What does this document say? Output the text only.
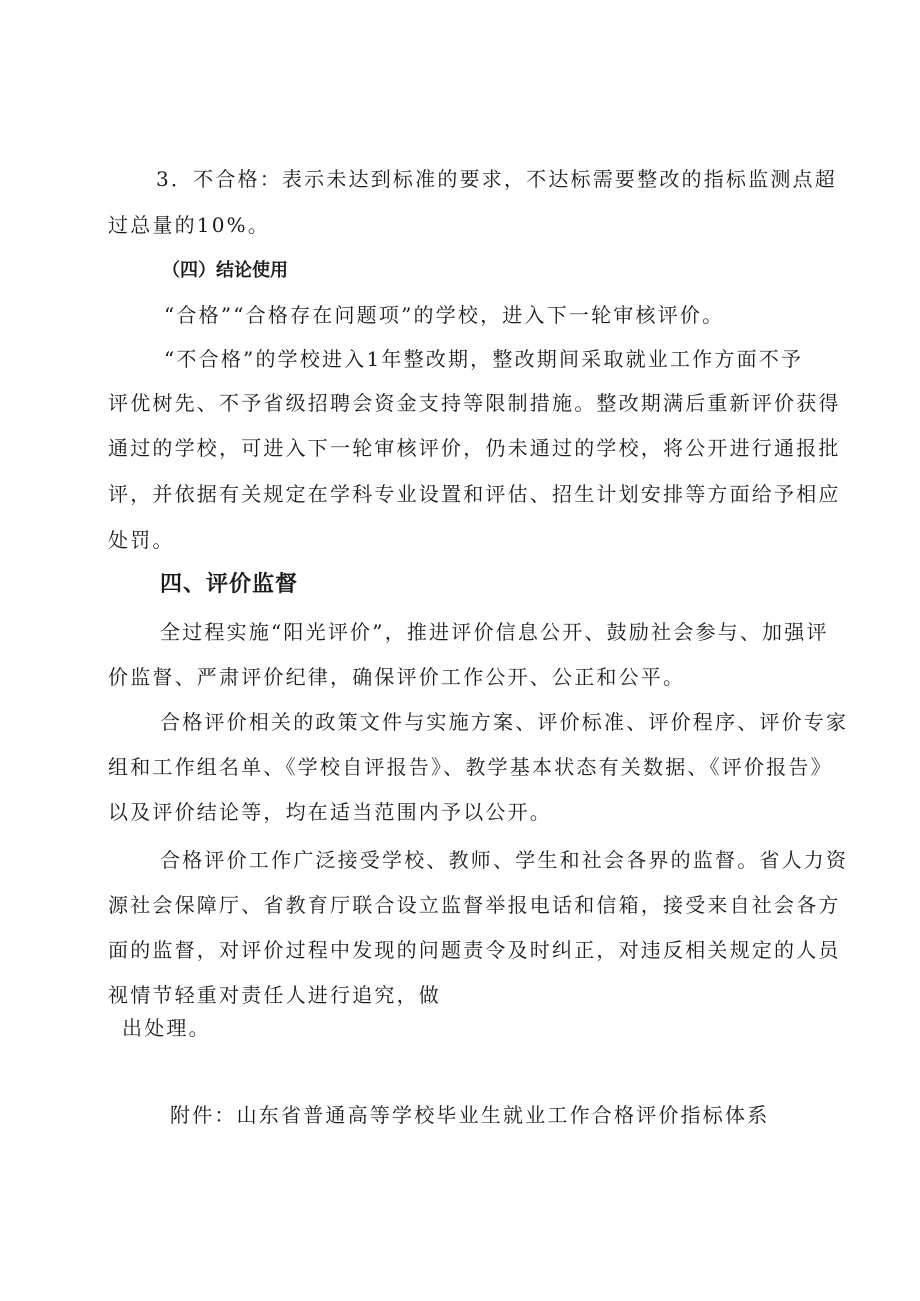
3．不合格：表示未达到标准的要求，不达标需要整改的指标监测点超
过总量的10%。
（四）结论使用
“合格”“合格存在问题项”的学校，进入下一轮审核评价。
“不合格”的学校进入1年整改期，整改期间采取就业工作方面不予
评优树先、不予省级招聘会资金支持等限制措施。整改期满后重新评价获得
通过的学校，可进入下一轮审核评价，仍未通过的学校，将公开进行通报批
评，并依据有关规定在学科专业设置和评估、招生计划安排等方面给予相应
处罚。
四、评价监督
全过程实施“阳光评价”，推进评价信息公开、鼓励社会参与、加强评
价监督、严肃评价纪律，确保评价工作公开、公正和公平。
合格评价相关的政策文件与实施方案、评价标准、评价程序、评价专家
组和工作组名单、《学校自评报告》、教学基本状态有关数据、《评价报告》
以及评价结论等，均在适当范围内予以公开。
合格评价工作广泛接受学校、教师、学生和社会各界的监督。省人力资
源社会保障厅、省教育厅联合设立监督举报电话和信箱，接受来自社会各方
面的监督，对评价过程中发现的问题责令及时纠正，对违反相关规定的人员
视情节轻重对责任人进行追究，做
出处理。
附件：山东省普通高等学校毕业生就业工作合格评价指标体系
